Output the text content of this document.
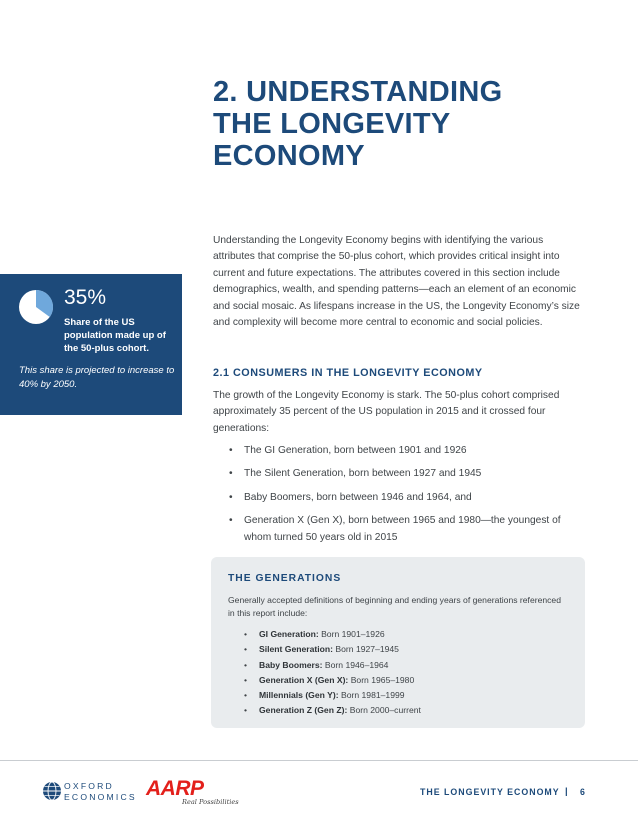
2. UNDERSTANDING
THE LONGEVITY
ECONOMY

Understanding the Longevity Economy begins with identifying the various attributes that comprise the 50-plus cohort, which provides critical insight into current and future expectations. The attributes covered in this section include demographics, wealth, and spending patterns—each an element of an economic and social mosaic. As lifespans increase in the US, the Longevity Economy’s size and complexity will become more central to economic and social policies.

35%
Share of the US population made up of the 50-plus cohort.
This share is projected to increase to 40% by 2050.
2.1 CONSUMERS IN THE LONGEVITY ECONOMY

The growth of the Longevity Economy is stark. The 50-plus cohort comprised approximately 35 percent of the US population in 2015 and it crossed four generations:

• The GI Generation, born between 1901 and 1926
• The Silent Generation, born between 1927 and 1945
• Baby Boomers, born between 1946 and 1964, and
• Generation X (Gen X), born between 1965 and 1980—the youngest of whom turned 50 years old in 2015
THE GENERATIONS

Generally accepted definitions of beginning and ending years of generations referenced in this report include:

• GI Generation: Born 1901–1926
• Silent Generation: Born 1927–1945
• Baby Boomers: Born 1946–1964
• Generation X (Gen X): Born 1965–1980
• Millennials (Gen Y): Born 1981–1999
• Generation Z (Gen Z): Born 2000–current
OXFORD
ECONOMICS AARP
Real Possibilities
THE LONGEVITY ECONOMY | 6
